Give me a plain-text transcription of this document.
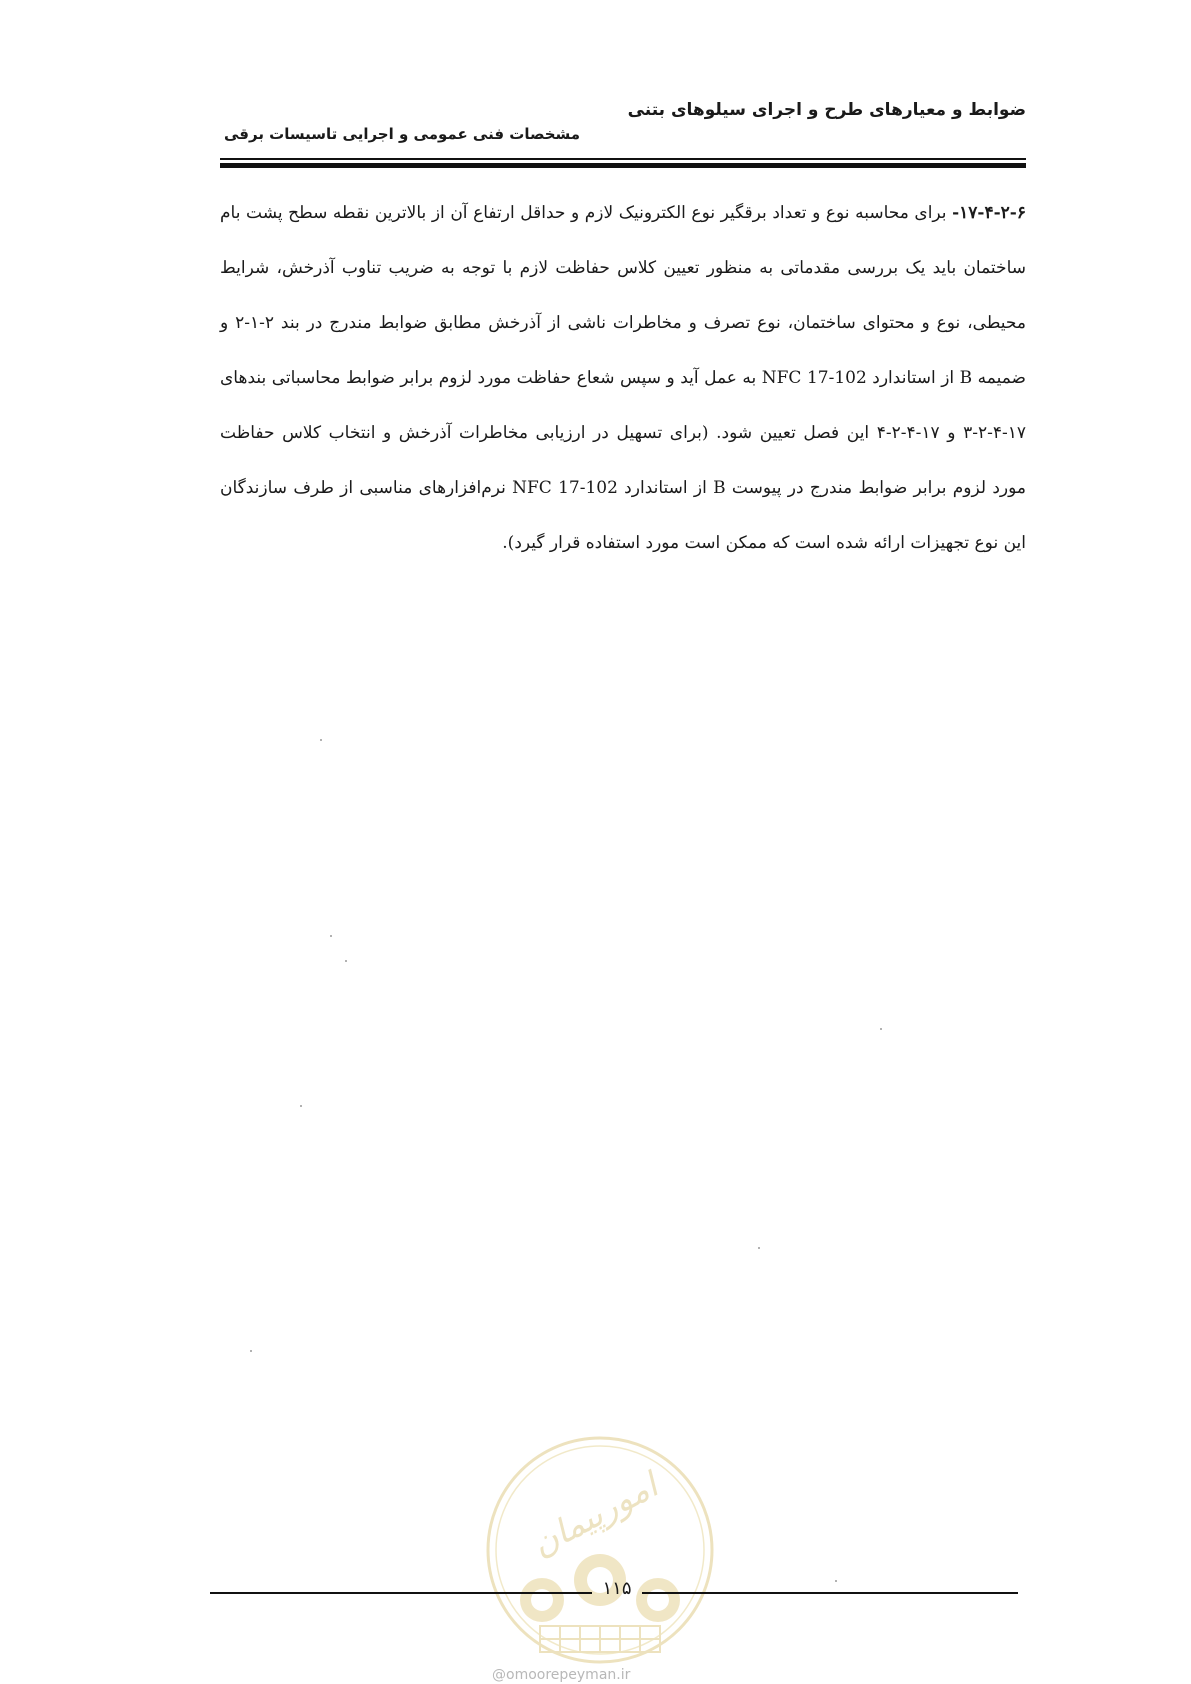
ضوابط و معیارهای طرح و اجرای سیلوهای بتنی
مشخصات فنی عمومی و اجرایی تاسیسات برقی

۱۷-۴-۲-۶- برای محاسبه نوع و تعداد برقگیر نوع الکترونیک لازم و حداقل ارتفاع آن از بالاترین نقطه سطح پشت بام ساختمان باید یک بررسی مقدماتی به منظور تعیین کلاس حفاظت لازم با توجه به ضریب تناوب آذرخش، شرایط محیطی، نوع و محتوای ساختمان، نوع تصرف و مخاطرات ناشی از آذرخش مطابق ضوابط مندرج در بند ۲-۱-۲ و ضمیمه B از استاندارد NFC 17-102 به عمل آید و سپس شعاع حفاظت مورد لزوم برابر ضوابط محاسباتی بندهای ۱۷-۴-۲-۳ و ۱۷-۴-۲-۴ این فصل تعیین شود. (برای تسهیل در ارزیابی مخاطرات آذرخش و انتخاب کلاس حفاظت مورد لزوم برابر ضوابط مندرج در پیوست B از استاندارد NFC 17-102 نرم‌افزارهای مناسبی از طرف سازندگان این نوع تجهیزات ارائه شده است که ممکن است مورد استفاده قرار گیرد).

امورپیمان
۱۱۵
@omoorepeyman.ir
